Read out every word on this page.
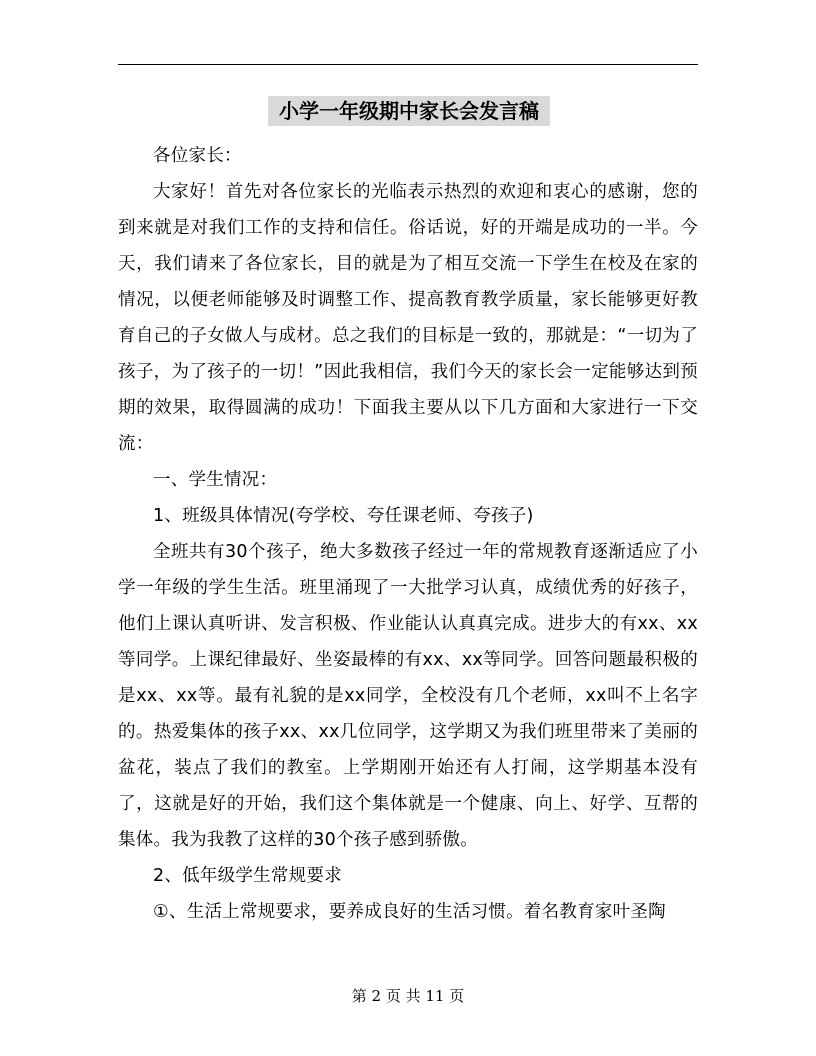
小学一年级期中家长会发言稿

各位家长：

大家好！首先对各位家长的光临表示热烈的欢迎和衷心的感谢，您的到来就是对我们工作的支持和信任。俗话说，好的开端是成功的一半。今天，我们请来了各位家长，目的就是为了相互交流一下学生在校及在家的情况，以便老师能够及时调整工作、提高教育教学质量，家长能够更好教育自己的子女做人与成材。总之我们的目标是一致的，那就是：“一切为了孩子，为了孩子的一切！”因此我相信，我们今天的家长会一定能够达到预期的效果，取得圆满的成功！下面我主要从以下几方面和大家进行一下交流：

一、学生情况：

1、班级具体情况(夸学校、夸任课老师、夸孩子)

全班共有30个孩子，绝大多数孩子经过一年的常规教育逐渐适应了小学一年级的学生生活。班里涌现了一大批学习认真，成绩优秀的好孩子，他们上课认真听讲、发言积极、作业能认认真真完成。进步大的有xx、xx等同学。上课纪律最好、坐姿最棒的有xx、xx等同学。回答问题最积极的是xx、xx等。最有礼貌的是xx同学，全校没有几个老师，xx叫不上名字的。热爱集体的孩子xx、xx几位同学，这学期又为我们班里带来了美丽的盆花，装点了我们的教室。上学期刚开始还有人打闹，这学期基本没有了，这就是好的开始，我们这个集体就是一个健康、向上、好学、互帮的集体。我为我教了这样的30个孩子感到骄傲。

2、低年级学生常规要求

①、生活上常规要求，要养成良好的生活习惯。着名教育家叶圣陶

第 2 页 共 11 页
